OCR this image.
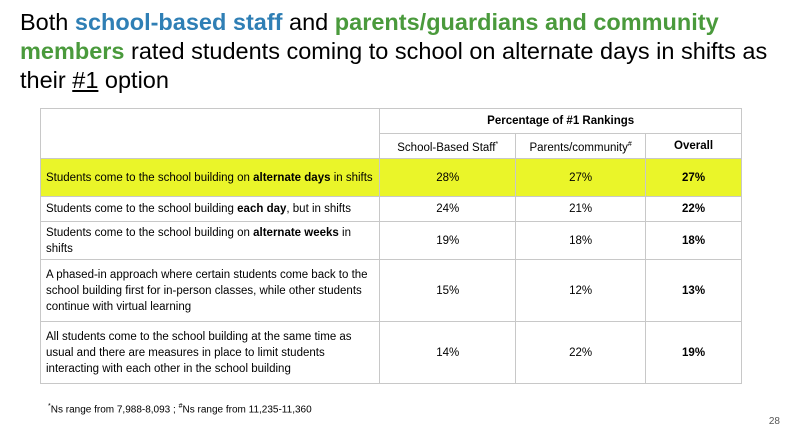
Both school-based staff and parents/guardians and community members rated students coming to school on alternate days in shifts as their #1 option
	Percentage of #1 Rankings		
	School-Based Staff*	Parents/community#	Overall
Students come to the school building on alternate days in shifts	28%	27%	27%
Students come to the school building each day, but in shifts	24%	21%	22%
Students come to the school building on alternate weeks in shifts	19%	18%	18%
A phased-in approach where certain students come back to the school building first for in-person classes, while other students continue with virtual learning	15%	12%	13%
All students come to the school building at the same time as usual and there are measures in place to limit students interacting with each other in the school building	14%	22%	19%
*Ns range from 7,988-8,093 ; #Ns range from 11,235-11,360
28
